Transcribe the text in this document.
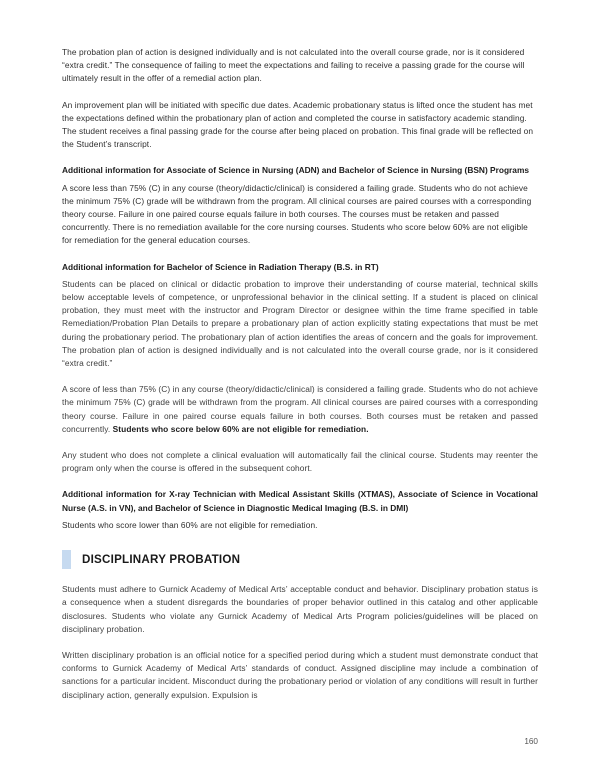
The probation plan of action is designed individually and is not calculated into the overall course grade, nor is it considered “extra credit.” The consequence of failing to meet the expectations and failing to receive a passing grade for the course will ultimately result in the offer of a remedial action plan.

An improvement plan will be initiated with specific due dates. Academic probationary status is lifted once the student has met the expectations defined within the probationary plan of action and completed the course in satisfactory academic standing. The student receives a final passing grade for the course after being placed on probation. This final grade will be reflected on the Student’s transcript.

Additional information for Associate of Science in Nursing (ADN) and Bachelor of Science in Nursing (BSN) Programs

A score less than 75% (C) in any course (theory/didactic/clinical) is considered a failing grade. Students who do not achieve the minimum 75% (C) grade will be withdrawn from the program. All clinical courses are paired courses with a corresponding theory course. Failure in one paired course equals failure in both courses. The courses must be retaken and passed concurrently. There is no remediation available for the core nursing courses. Students who score below 60% are not eligible for remediation for the general education courses.

Additional information for Bachelor of Science in Radiation Therapy (B.S. in RT)

Students can be placed on clinical or didactic probation to improve their understanding of course material, technical skills below acceptable levels of competence, or unprofessional behavior in the clinical setting. If a student is placed on clinical probation, they must meet with the instructor and Program Director or designee within the time frame specified in table Remediation/Probation Plan Details to prepare a probationary plan of action explicitly stating expectations that must be met during the probationary period. The probationary plan of action identifies the areas of concern and the goals for improvement. The probation plan of action is designed individually and is not calculated into the overall course grade, nor is it considered “extra credit.”

A score of less than 75% (C) in any course (theory/didactic/clinical) is considered a failing grade. Students who do not achieve the minimum 75% (C) grade will be withdrawn from the program. All clinical courses are paired courses with a corresponding theory course. Failure in one paired course equals failure in both courses. Both courses must be retaken and passed concurrently. Students who score below 60% are not eligible for remediation.

Any student who does not complete a clinical evaluation will automatically fail the clinical course. Students may reenter the program only when the course is offered in the subsequent cohort.

Additional information for X-ray Technician with Medical Assistant Skills (XTMAS), Associate of Science in Vocational Nurse (A.S. in VN), and Bachelor of Science in Diagnostic Medical Imaging (B.S. in DMI)

Students who score lower than 60% are not eligible for remediation.

DISCIPLINARY PROBATION

Students must adhere to Gurnick Academy of Medical Arts’ acceptable conduct and behavior. Disciplinary probation status is a consequence when a student disregards the boundaries of proper behavior outlined in this catalog and other applicable disclosures. Students who violate any Gurnick Academy of Medical Arts Program policies/guidelines will be placed on disciplinary probation.

Written disciplinary probation is an official notice for a specified period during which a student must demonstrate conduct that conforms to Gurnick Academy of Medical Arts’ standards of conduct. Assigned discipline may include a combination of sanctions for a particular incident. Misconduct during the probationary period or violation of any conditions will result in further disciplinary action, generally expulsion. Expulsion is

160
